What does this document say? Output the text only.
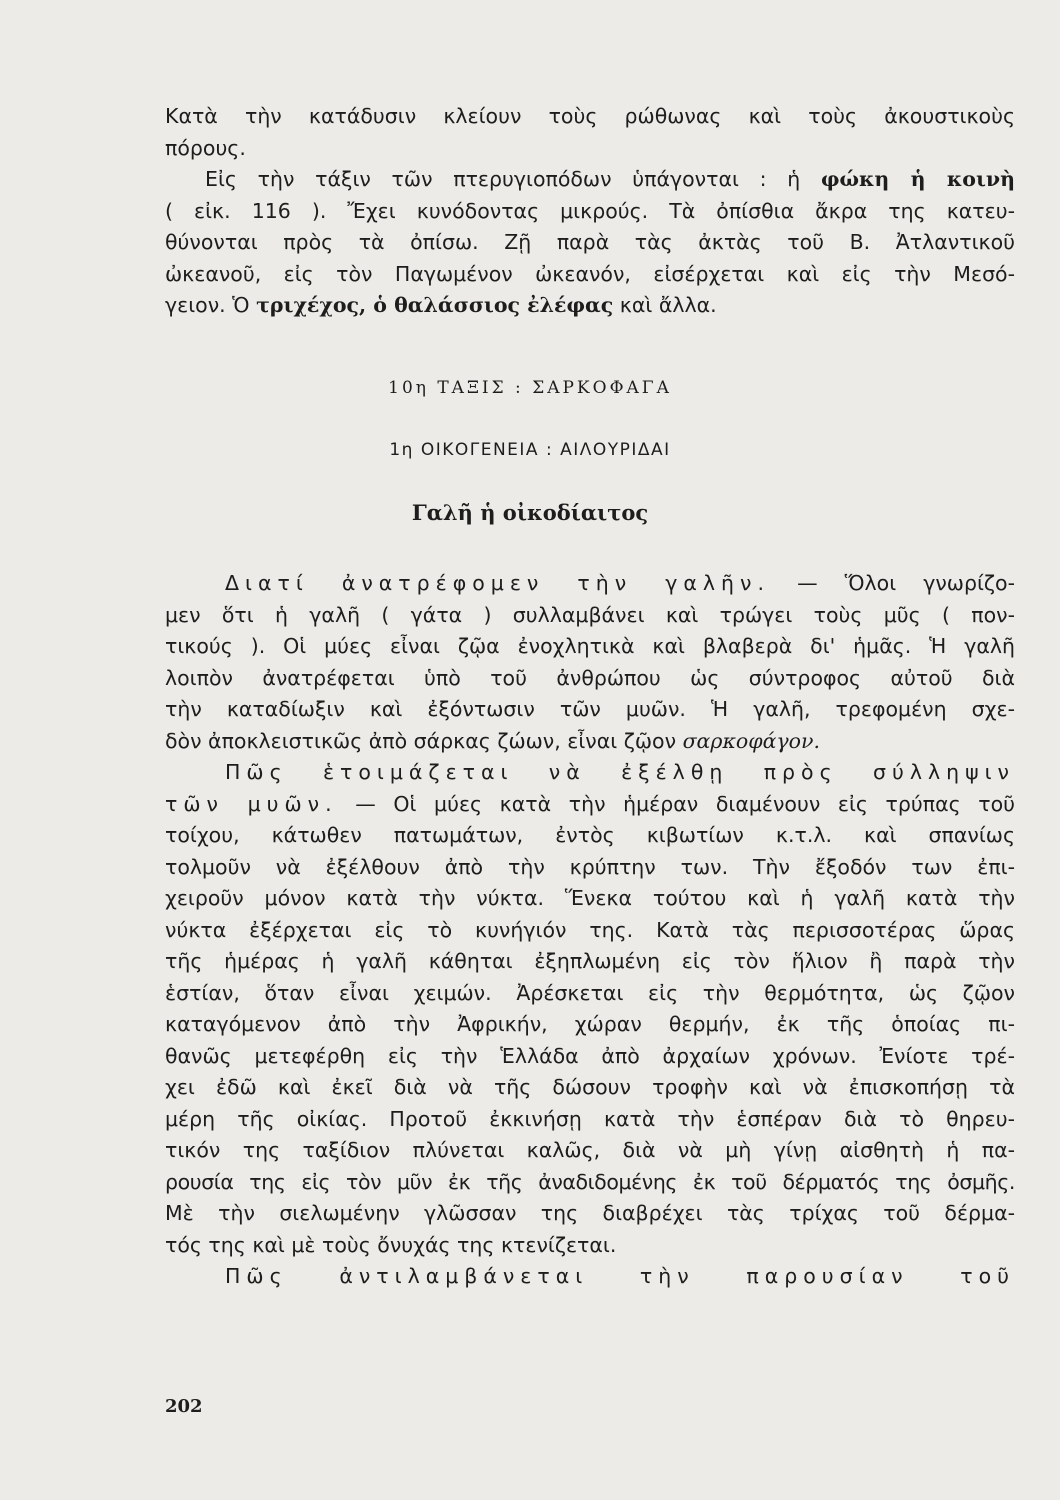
Κατὰ τὴν κατάδυσιν κλείουν τοὺς ρώθωνας καὶ τοὺς ἀκουστικοὺς
πόρους.
Εἰς τὴν τάξιν τῶν πτερυγιοπόδων ὑπάγονται : ἡ φώκη ἡ κοινὴ
( εἰκ. 116 ). Ἔχει κυνόδοντας μικρούς. Τὰ ὀπίσθια ἄκρα της κατευ-
θύνονται πρὸς τὰ ὀπίσω. Ζῇ παρὰ τὰς ἀκτὰς τοῦ Β. Ἀτλαντικοῦ
ὠκεανοῦ, εἰς τὸν Παγωμένον ὠκεανόν, εἰσέρχεται καὶ εἰς τὴν Μεσό-
γειον. Ὁ τριχέχος, ὁ θαλάσσιος ἐλέφας καὶ ἄλλα.
10η ΤΑΞΙΣ : ΣΑΡΚΟΦΑΓΑ
1η ΟΙΚΟΓΕΝΕΙΑ : ΑΙΛΟΥΡΙΔΑΙ
Γαλῆ ἡ οἰκοδίαιτος
Διατί ἀνατρέφομεν τὴν γαλῆν. — Ὅλοι γνωρίζο-
μεν ὅτι ἡ γαλῆ ( γάτα ) συλλαμβάνει καὶ τρώγει τοὺς μῦς ( πον-
τικούς ). Οἱ μύες εἶναι ζῷα ἐνοχλητικὰ καὶ βλαβερὰ δι' ἡμᾶς. Ἡ γαλῆ
λοιπὸν ἀνατρέφεται ὑπὸ τοῦ ἀνθρώπου ὡς σύντροφος αὐτοῦ διὰ
τὴν καταδίωξιν καὶ ἐξόντωσιν τῶν μυῶν. Ἡ γαλῆ, τρεφομένη σχε-
δὸν ἀποκλειστικῶς ἀπὸ σάρκας ζώων, εἶναι ζῷον σαρκοφάγον.
Πῶς ἑτοιμάζεται νὰ ἐξέλθῃ πρὸς σύλληψιν
τῶν μυῶν. — Οἱ μύες κατὰ τὴν ἡμέραν διαμένουν εἰς τρύπας τοῦ
τοίχου, κάτωθεν πατωμάτων, ἐντὸς κιβωτίων κ.τ.λ. καὶ σπανίως
τολμοῦν νὰ ἐξέλθουν ἀπὸ τὴν κρύπτην των. Τὴν ἔξοδόν των ἐπι-
χειροῦν μόνον κατὰ τὴν νύκτα. Ἕνεκα τούτου καὶ ἡ γαλῆ κατὰ τὴν
νύκτα ἐξέρχεται εἰς τὸ κυνήγιόν της. Κατὰ τὰς περισσοτέρας ὥρας
τῆς ἡμέρας ἡ γαλῆ κάθηται ἐξηπλωμένη εἰς τὸν ἥλιον ἢ παρὰ τὴν
ἑστίαν, ὅταν εἶναι χειμών. Ἀρέσκεται εἰς τὴν θερμότητα, ὡς ζῷον
καταγόμενον ἀπὸ τὴν Ἀφρικήν, χώραν θερμήν, ἐκ τῆς ὁποίας πι-
θανῶς μετεφέρθη εἰς τὴν Ἑλλάδα ἀπὸ ἀρχαίων χρόνων. Ἐνίοτε τρέ-
χει ἐδῶ καὶ ἐκεῖ διὰ νὰ τῆς δώσουν τροφὴν καὶ νὰ ἐπισκοπήσῃ τὰ
μέρη τῆς οἰκίας. Προτοῦ ἐκκινήσῃ κατὰ τὴν ἑσπέραν διὰ τὸ θηρευ-
τικόν της ταξίδιον πλύνεται καλῶς, διὰ νὰ μὴ γίνῃ αἰσθητὴ ἡ πα-
ρουσία της εἰς τὸν μῦν ἐκ τῆς ἀναδιδομένης ἐκ τοῦ δέρματός της ὀσμῆς.
Μὲ τὴν σιελωμένην γλῶσσαν της διαβρέχει τὰς τρίχας τοῦ δέρμα-
τός της καὶ μὲ τοὺς ὄνυχάς της κτενίζεται.
Πῶς ἀντιλαμβάνεται τὴν παρουσίαν τοῦ
202
